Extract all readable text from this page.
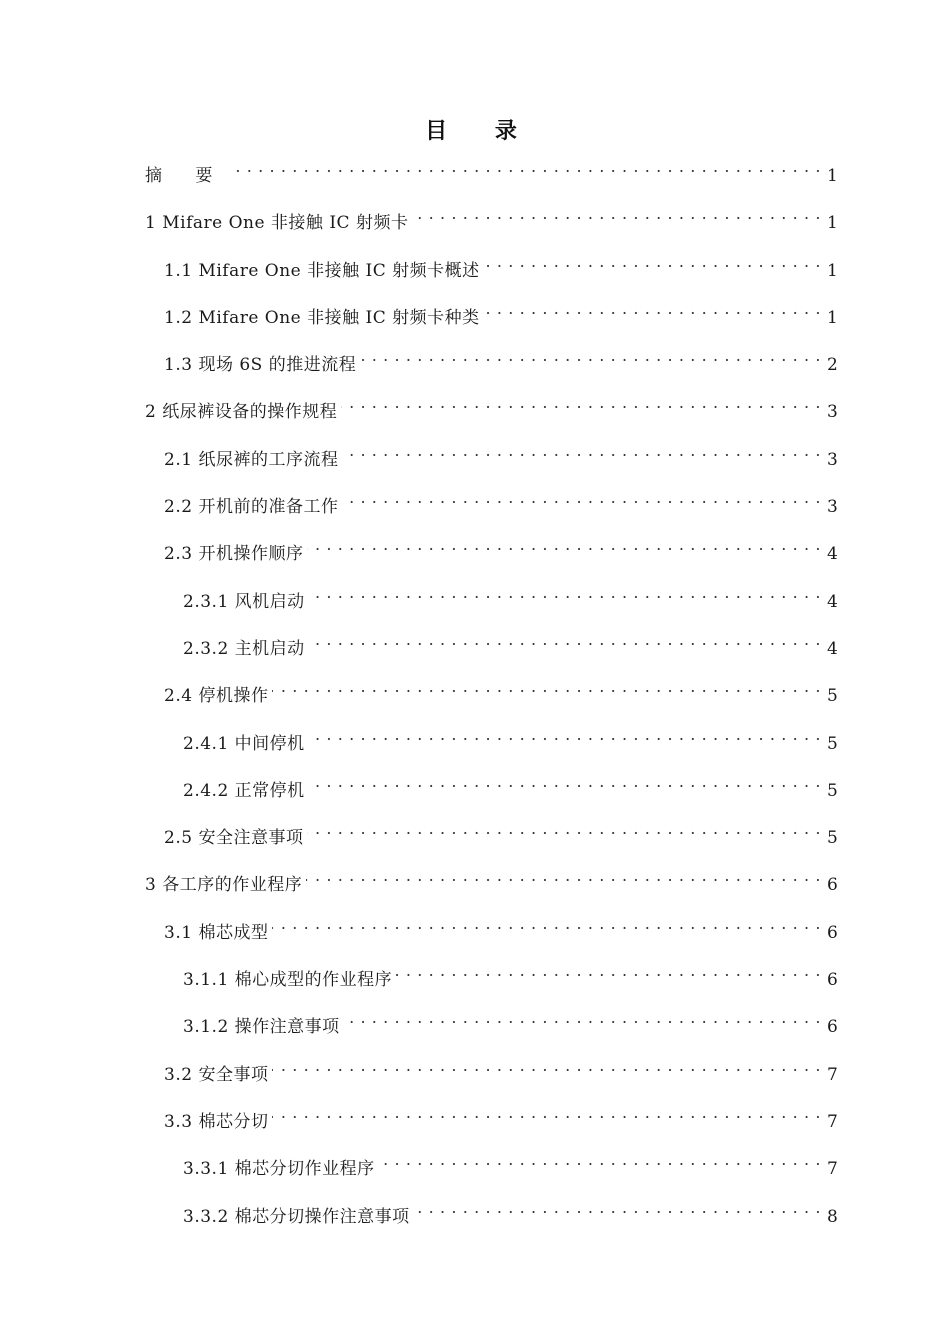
目 录
摘 要 . . .	1
1 Mifare One 非接触 IC 射频卡 . . .	1
1.1 Mifare One 非接触 IC 射频卡概述 . . .	1
1.2 Mifare One 非接触 IC 射频卡种类 . . .	1
1.3 现场 6S 的推进流程 . . .	2
2 纸尿裤设备的操作规程 . . .	3
2.1 纸尿裤的工序流程 . . .	3
2.2 开机前的准备工作 . . .	3
2.3 开机操作顺序 . . .	4
2.3.1 风机启动 . . .	4
2.3.2 主机启动 . . .	4
2.4 停机操作 . . .	5
2.4.1 中间停机 . . .	5
2.4.2 正常停机 . . .	5
2.5 安全注意事项 . . .	5
3 各工序的作业程序 . . .	6
3.1 棉芯成型 . . .	6
3.1.1 棉心成型的作业程序 . . .	6
3.1.2 操作注意事项 . . .	6
3.2 安全事项 . . .	7
3.3 棉芯分切 . . .	7
3.3.1 棉芯分切作业程序 . . .	7
3.3.2 棉芯分切操作注意事项 . . .	8
